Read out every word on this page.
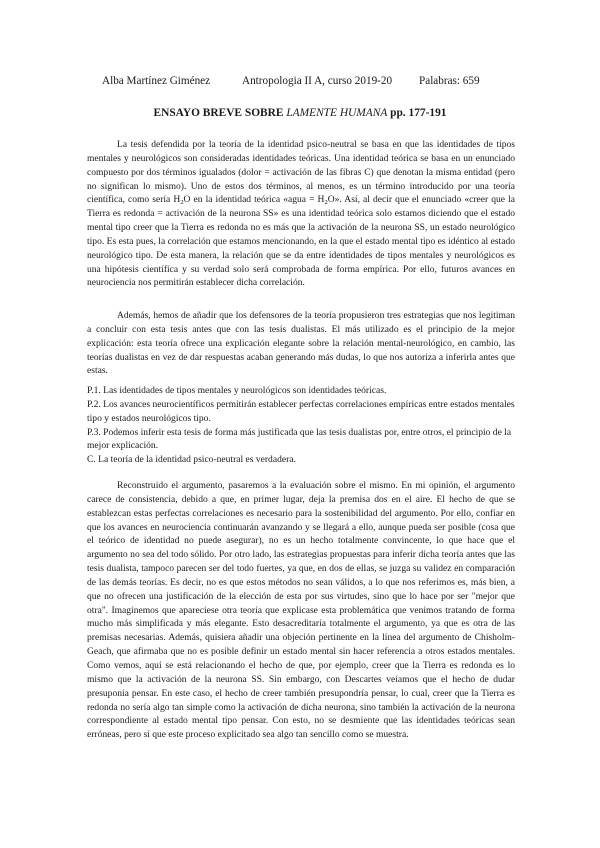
Alba Martínez Giménez	Antropologia II A, curso 2019-20 Palabras: 659
ENSAYO BREVE SOBRE LAMENTE HUMANA pp. 177-191

La tesis defendida por la teoría de la identidad psico-neutral se basa en que las identidades de tipos mentales y neurológicos son consideradas identidades teóricas. Una identidad teórica se basa en un enunciado compuesto por dos términos igualados (dolor = activación de las fibras C) que denotan la misma entidad (pero no significan lo mismo). Uno de estos dos términos, al menos, es un término introducido por una teoría científica, como sería $H_2O$ en la identidad teórica «agua = $H_2O$». Así, al decir que el enunciado «creer que la Tierra es redonda = activación de la neurona SS» es una identidad teórica solo estamos diciendo que el estado mental tipo creer que la Tierra es redonda no es más que la activación de la neurona SS, un estado neurológico tipo. Es esta pues, la correlación que estamos mencionando, en la que el estado mental tipo es idéntico al estado neurológico tipo. De esta manera, la relación que se da entre identidades de tipos mentales y neurológicos es una hipótesis científica y su verdad solo será comprobada de forma empírica. Por ello, futuros avances en neurociencia nos permitirán establecer dicha correlación.

Además, hemos de añadir que los defensores de la teoría propusieron tres estrategias que nos legitiman a concluir con esta tesis antes que con las tesis dualistas. El más utilizado es el principio de la mejor explicación: esta teoría ofrece una explicación elegante sobre la relación mental-neurológico, en cambio, las teorías dualistas en vez de dar respuestas acaban generando más dudas, lo que nos autoriza a inferirla antes que estas.

P.1. Las identidades de tipos mentales y neurológicos son identidades teóricas.

P.2. Los avances neurocientíficos permitirán establecer perfectas correlaciones empíricas entre estados mentales tipo y estados neurológicos tipo.

P.3. Podemos inferir esta tesis de forma más justificada que las tesis dualistas por, entre otros, el principio de la mejor explicación.

C. La teoría de la identidad psico-neutral es verdadera.

Reconstruido el argumento, pasaremos a la evaluación sobre el mismo. En mi opinión, el argumento carece de consistencia, debido a que, en primer lugar, deja la premisa dos en el aire. El hecho de que se establezcan estas perfectas correlaciones es necesario para la sostenibilidad del argumento. Por ello, confiar en que los avances en neurociencia continuarán avanzando y se llegará a ello, aunque pueda ser posible (cosa que el teórico de identidad no puede asegurar), no es un hecho totalmente convincente, lo que hace que el argumento no sea del todo sólido. Por otro lado, las estrategias propuestas para inferir dicha teoría antes que las tesis dualista, tampoco parecen ser del todo fuertes, ya que, en dos de ellas, se juzga su validez en comparación de las demás teorías. Es decir, no es que estos métodos no sean válidos, a lo que nos referimos es, más bien, a que no ofrecen una justificación de la elección de esta por sus virtudes, sino que lo hace por ser "mejor que otra". Imaginemos que apareciese otra teoría que explicase esta problemática que venimos tratando de forma mucho más simplificada y más elegante. Esto desacreditaría totalmente el argumento, ya que es otra de las premisas necesarias. Además, quisiera añadir una objeción pertinente en la línea del argumento de Chisholm-Geach, que afirmaba que no es posible definir un estado mental sin hacer referencia a otros estados mentales. Como vemos, aquí se está relacionando el hecho de que, por ejemplo, creer que la Tierra es redonda es lo mismo que la activación de la neurona SS. Sin embargo, con Descartes veíamos que el hecho de dudar presuponía pensar. En este caso, el hecho de creer también presupondría pensar, lo cual, creer que la Tierra es redonda no sería algo tan simple como la activación de dicha neurona, sino también la activación de la neurona correspondiente al estado mental tipo pensar. Con esto, no se desmiente que las identidades teóricas sean erróneas, pero sí que este proceso explicitado sea algo tan sencillo como se muestra.
